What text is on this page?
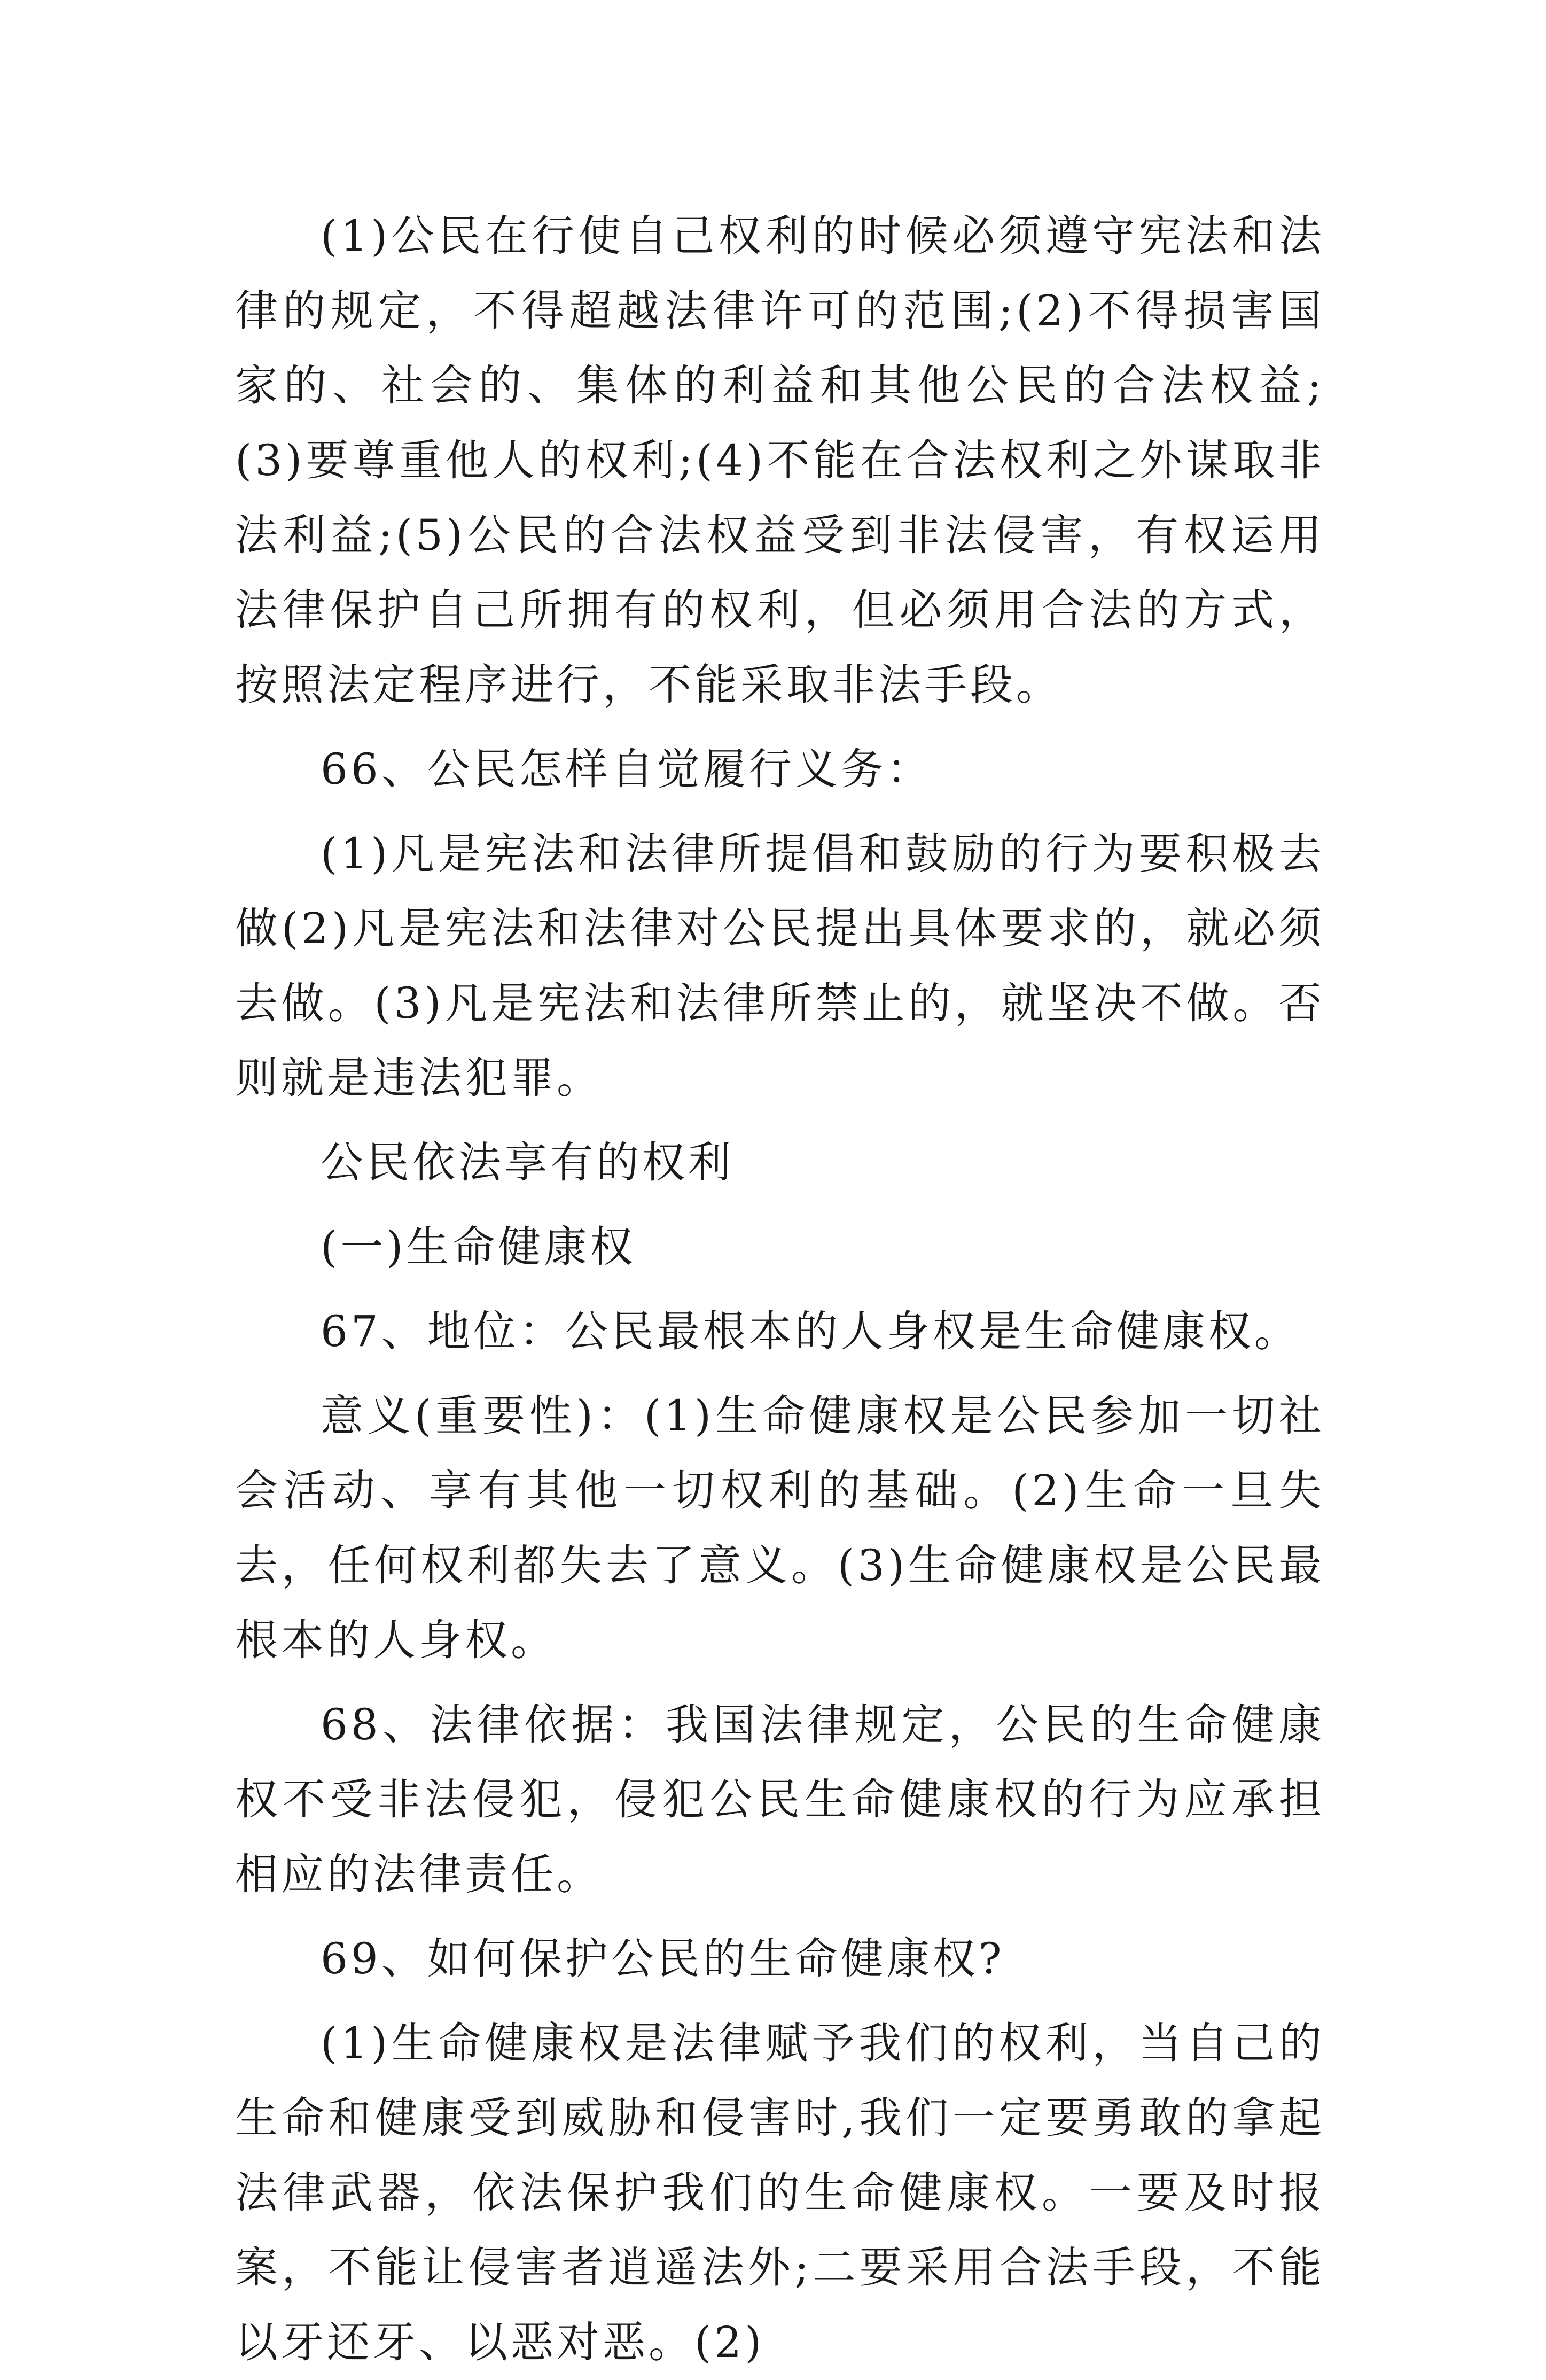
(1)公民在行使自己权利的时候必须遵守宪法和法律的规定，不得超越法律许可的范围;(2)不得损害国家的、社会的、集体的利益和其他公民的合法权益;(3)要尊重他人的权利;(4)不能在合法权利之外谋取非法利益;(5)公民的合法权益受到非法侵害，有权运用法律保护自己所拥有的权利，但必须用合法的方式，按照法定程序进行，不能采取非法手段。

66、公民怎样自觉履行义务：

(1)凡是宪法和法律所提倡和鼓励的行为要积极去做(2)凡是宪法和法律对公民提出具体要求的，就必须去做。(3)凡是宪法和法律所禁止的，就坚决不做。否则就是违法犯罪。

公民依法享有的权利

(一)生命健康权

67、地位：公民最根本的人身权是生命健康权。

意义(重要性)：(1)生命健康权是公民参加一切社会活动、享有其他一切权利的基础。(2)生命一旦失去，任何权利都失去了意义。(3)生命健康权是公民最根本的人身权。

68、法律依据：我国法律规定，公民的生命健康权不受非法侵犯，侵犯公民生命健康权的行为应承担相应的法律责任。

69、如何保护公民的生命健康权?

(1)生命健康权是法律赋予我们的权利，当自己的生命和健康受到威胁和侵害时,我们一定要勇敢的拿起法律武器，依法保护我们的生命健康权。一要及时报案，不能让侵害者逍遥法外;二要采用合法手段，不能以牙还牙、以恶对恶。(2)
